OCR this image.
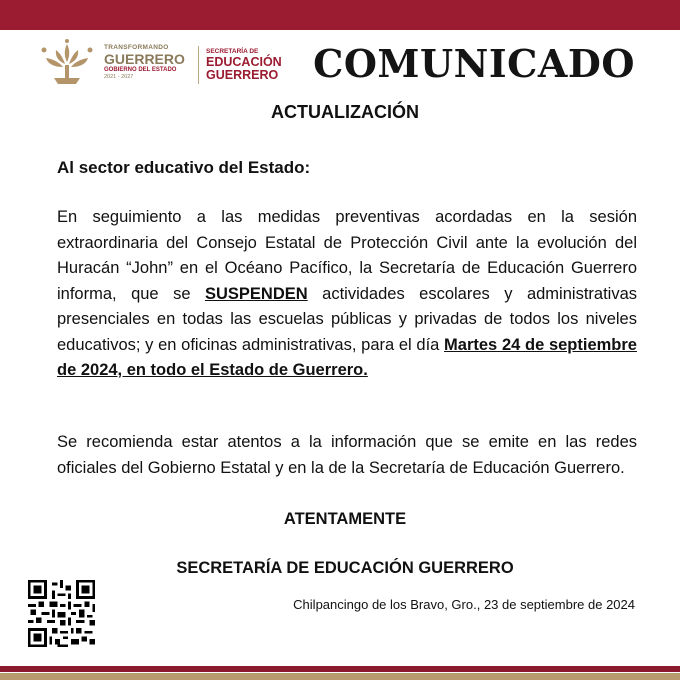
TRANSFORMANDO
GUERRERO
GOBIERNO DEL ESTADO
2021 - 2027
SECRETARÍA DE
EDUCACIÓN
GUERRERO COMUNICADO
ACTUALIZACIÓN
Al sector educativo del Estado:
En seguimiento a las medidas preventivas acordadas en la sesión extraordinaria del Consejo Estatal de Protección Civil ante la evolución del Huracán “John” en el Océano Pacífico, la Secretaría de Educación Guerrero informa, que se SUSPENDEN actividades escolares y administrativas presenciales en todas las escuelas públicas y privadas de todos los niveles educativos; y en oficinas administrativas, para el día Martes 24 de septiembre de 2024, en todo el Estado de Guerrero.
Se recomienda estar atentos a la información que se emite en las redes oficiales del Gobierno Estatal y en la de la Secretaría de Educación Guerrero.
ATENTAMENTE
SECRETARÍA DE EDUCACIÓN GUERRERO
Chilpancingo de los Bravo, Gro., 23 de septiembre de 2024
